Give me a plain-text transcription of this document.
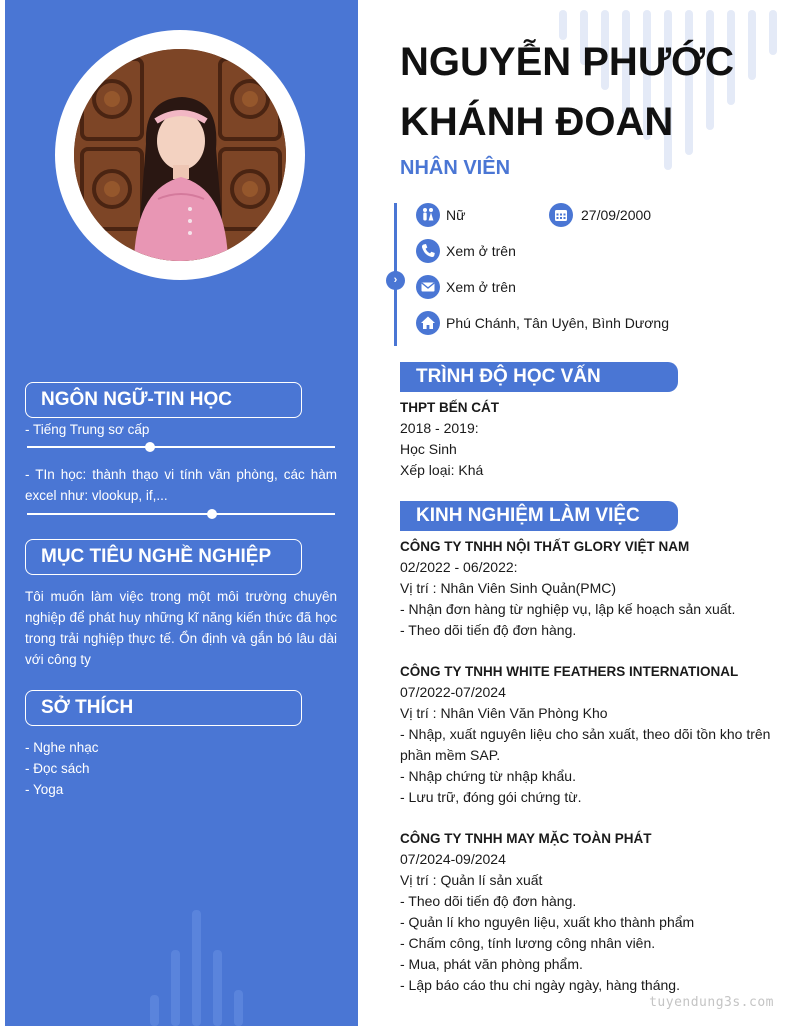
NGÔN NGỮ-TIN HỌC
- Tiếng Trung sơ cấp
- TIn học: thành thạo vi tính văn phòng, các hàm excel như: vlookup, if,...
MỤC TIÊU NGHỀ NGHIỆP
Tôi muốn làm việc trong một môi trường chuyên nghiệp để phát huy những kĩ năng kiến thức đã học trong trải nghiệp thực tế. Ổn định và gắn bó lâu dài với công ty
SỞ THÍCH
- Nghe nhạc
- Đọc sách
- Yoga
NGUYỄN PHƯỚC
KHÁNH ĐOAN
NHÂN VIÊN
›
Nữ	27/09/2000
Xem ở trên
Xem ở trên
Phú Chánh, Tân Uyên, Bình Dương
TRÌNH ĐỘ HỌC VẤN
THPT BẾN CÁT
2018 - 2019:
Học Sinh
Xếp loại: Khá
KINH NGHIỆM LÀM VIỆC
CÔNG TY TNHH NỘI THẤT GLORY VIỆT NAM
02/2022 - 06/2022:
Vị trí : Nhân Viên Sinh Quản(PMC)
- Nhận đơn hàng từ nghiệp vụ, lập kế hoạch sản xuất.
- Theo dõi tiến độ đơn hàng.
CÔNG TY TNHH WHITE FEATHERS INTERNATIONAL
07/2022-07/2024
Vị trí : Nhân Viên Văn Phòng Kho
- Nhập, xuất nguyên liệu cho sản xuất, theo dõi tồn kho trên phần mềm SAP.
- Nhập chứng từ nhập khẩu.
- Lưu trữ, đóng gói chứng từ.
CÔNG TY TNHH MAY MẶC TOÀN PHÁT
07/2024-09/2024
Vị trí : Quản lí sản xuất
- Theo dõi tiến độ đơn hàng.
- Quản lí kho nguyên liệu, xuất kho thành phẩm
- Chấm công, tính lương công nhân viên.
- Mua, phát văn phòng phẩm.
- Lập báo cáo thu chi ngày ngày, hàng tháng.
tuyendung3s.com
